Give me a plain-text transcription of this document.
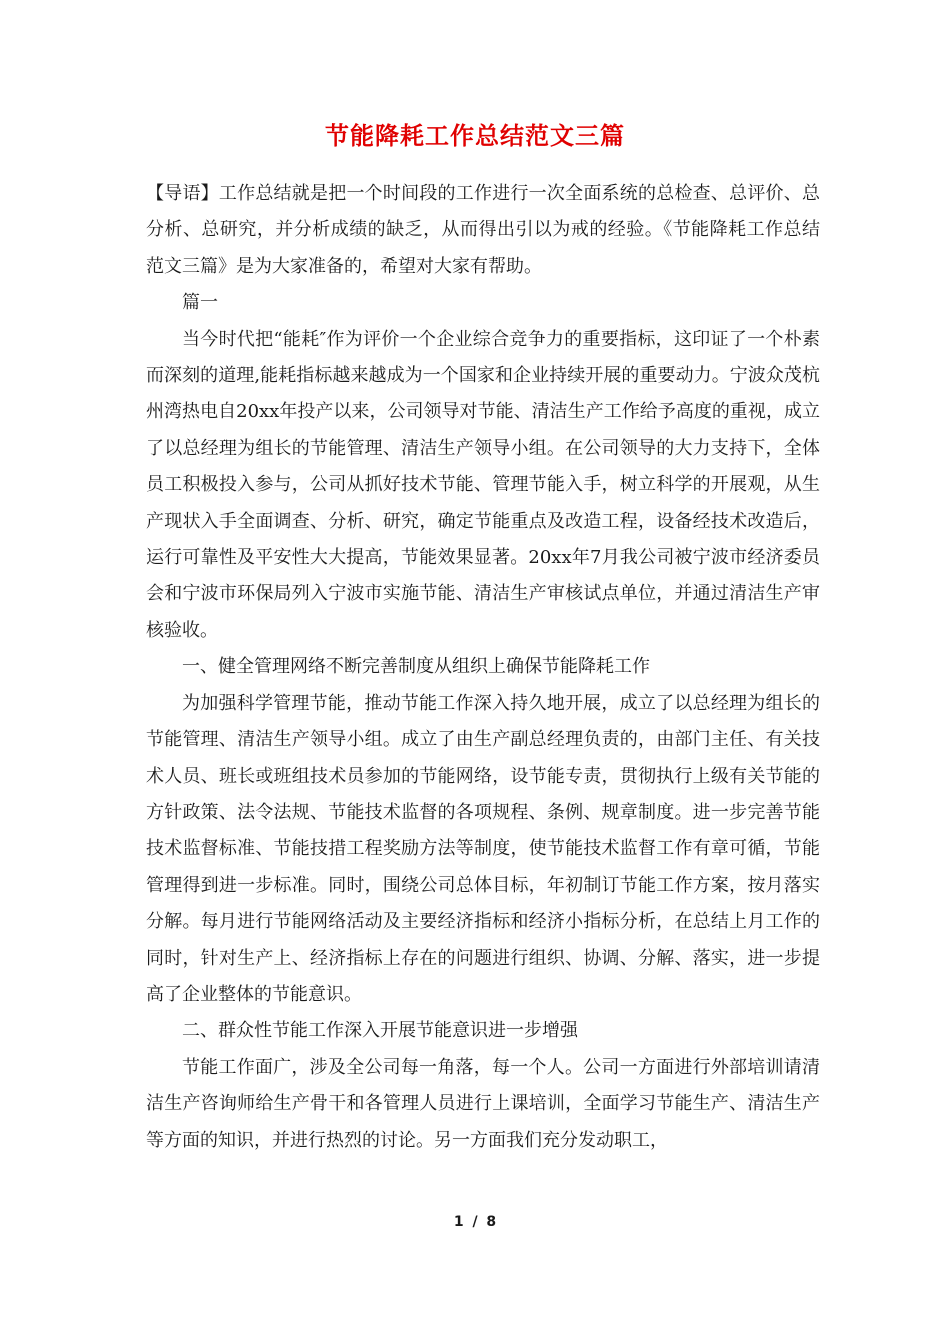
节能降耗工作总结范文三篇

【导语】工作总结就是把一个时间段的工作进行一次全面系统的总检查、总评价、总分析、总研究，并分析成绩的缺乏，从而得出引以为戒的经验。《节能降耗工作总结范文三篇》是为大家准备的，希望对大家有帮助。

篇一

当今时代把“能耗″作为评价一个企业综合竞争力的重要指标，这印证了一个朴素而深刻的道理,能耗指标越来越成为一个国家和企业持续开展的重要动力。宁波众茂杭州湾热电自20xx年投产以来，公司领导对节能、清洁生产工作给予高度的重视，成立了以总经理为组长的节能管理、清洁生产领导小组。在公司领导的大力支持下，全体员工积极投入参与，公司从抓好技术节能、管理节能入手，树立科学的开展观，从生产现状入手全面调查、分析、研究，确定节能重点及改造工程，设备经技术改造后，运行可靠性及平安性大大提高，节能效果显著。20xx年7月我公司被宁波市经济委员会和宁波市环保局列入宁波市实施节能、清洁生产审核试点单位，并通过清洁生产审核验收。

一、健全管理网络不断完善制度从组织上确保节能降耗工作

为加强科学管理节能，推动节能工作深入持久地开展，成立了以总经理为组长的节能管理、清洁生产领导小组。成立了由生产副总经理负责的，由部门主任、有关技术人员、班长或班组技术员参加的节能网络，设节能专责，贯彻执行上级有关节能的方针政策、法令法规、节能技术监督的各项规程、条例、规章制度。进一步完善节能技术监督标准、节能技措工程奖励方法等制度，使节能技术监督工作有章可循，节能管理得到进一步标准。同时，围绕公司总体目标，年初制订节能工作方案，按月落实分解。每月进行节能网络活动及主要经济指标和经济小指标分析，在总结上月工作的同时，针对生产上、经济指标上存在的问题进行组织、协调、分解、落实，进一步提高了企业整体的节能意识。

二、群众性节能工作深入开展节能意识进一步增强

节能工作面广，涉及全公司每一角落，每一个人。公司一方面进行外部培训请清洁生产咨询师给生产骨干和各管理人员进行上课培训，全面学习节能生产、清洁生产等方面的知识，并进行热烈的讨论。另一方面我们充分发动职工，

1 / 8
